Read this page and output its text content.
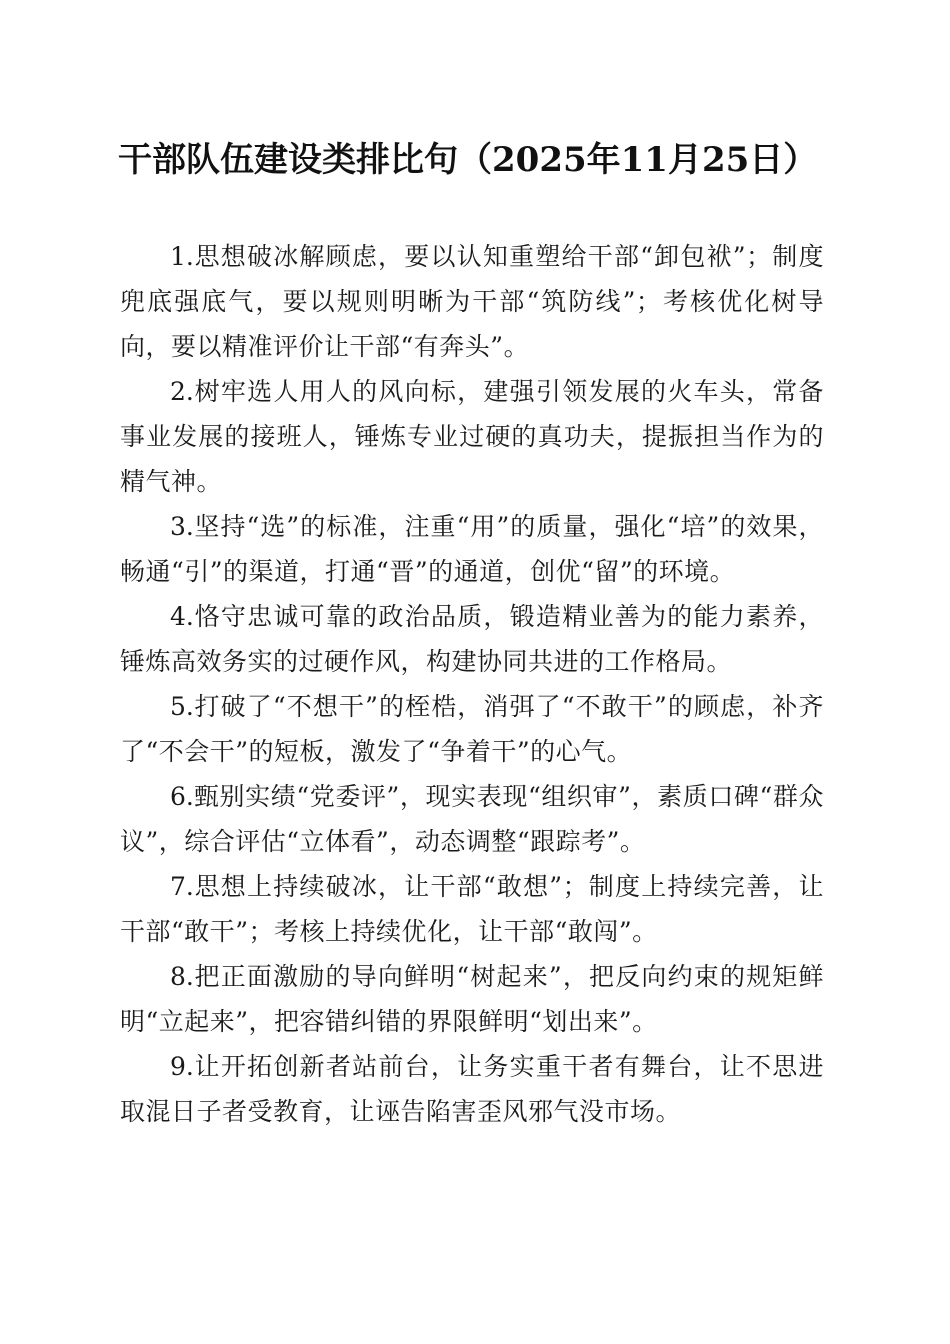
干部队伍建设类排比句（2025年11月25日）

1.思想破冰解顾虑，要以认知重塑给干部“卸包袱”；制度兜底强底气，要以规则明晰为干部“筑防线”；考核优化树导向，要以精准评价让干部“有奔头”。

2.树牢选人用人的风向标，建强引领发展的火车头，常备事业发展的接班人，锤炼专业过硬的真功夫，提振担当作为的精气神。

3.坚持“选”的标准，注重“用”的质量，强化“培”的效果，畅通“引”的渠道，打通“晋”的通道，创优“留”的环境。

4.恪守忠诚可靠的政治品质，锻造精业善为的能力素养，锤炼高效务实的过硬作风，构建协同共进的工作格局。

5.打破了“不想干”的桎梏，消弭了“不敢干”的顾虑，补齐了“不会干”的短板，激发了“争着干”的心气。

6.甄别实绩“党委评”，现实表现“组织审”，素质口碑“群众议”，综合评估“立体看”，动态调整“跟踪考”。

7.思想上持续破冰，让干部“敢想”；制度上持续完善，让干部“敢干”；考核上持续优化，让干部“敢闯”。

8.把正面激励的导向鲜明“树起来”，把反向约束的规矩鲜明“立起来”，把容错纠错的界限鲜明“划出来”。

9.让开拓创新者站前台，让务实重干者有舞台，让不思进取混日子者受教育，让诬告陷害歪风邪气没市场。
